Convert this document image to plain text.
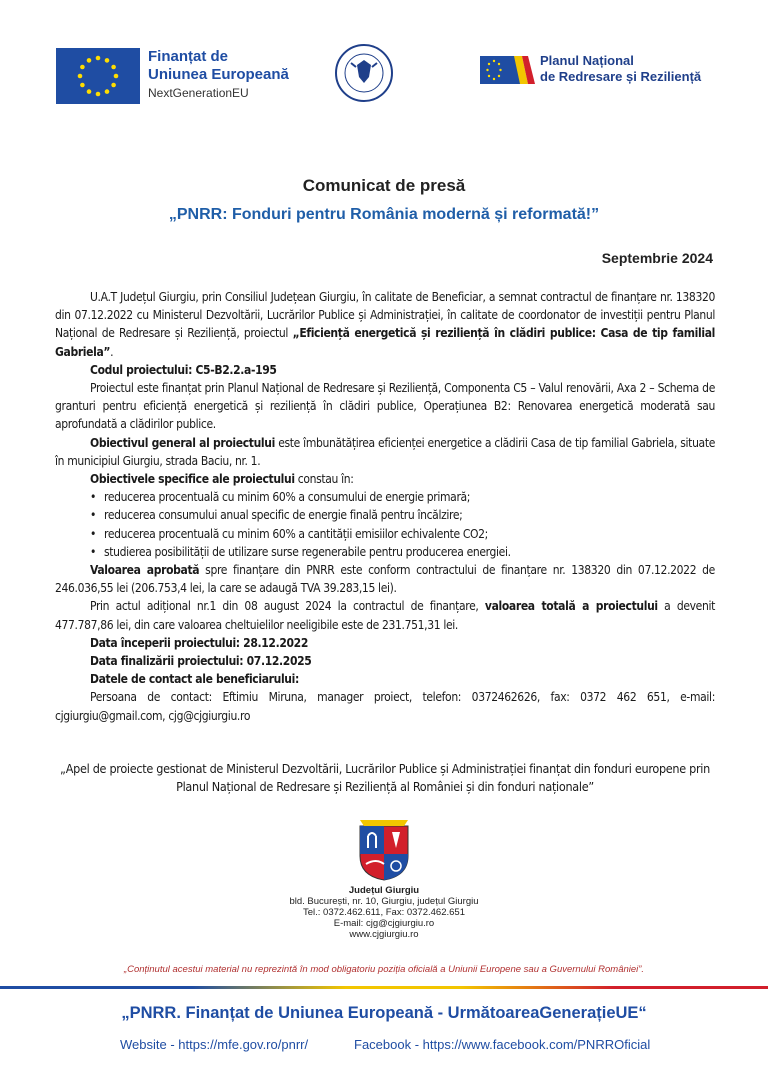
Finanțat de
Uniunea Europeană
NextGenerationEU
Planul Național
de Redresare și Reziliență
Comunicat de presă
„PNRR: Fonduri pentru România modernă și reformată!”
Septembrie 2024

U.A.T Județul Giurgiu, prin Consiliul Județean Giurgiu, în calitate de Beneficiar, a semnat contractul de finanțare nr. 138320 din 07.12.2022 cu Ministerul Dezvoltării, Lucrărilor Publice și Administrației, în calitate de coordonator de investiții pentru Planul Național de Redresare și Reziliență, proiectul „Eficiență energetică și reziliență în clădiri publice: Casa de tip familial Gabriela”.

Codul proiectului: C5-B2.2.a-195

Proiectul este finanțat prin Planul Național de Redresare și Reziliență, Componenta C5 – Valul renovării, Axa 2 – Schema de granturi pentru eficiență energetică și reziliență în clădiri publice, Operațiunea B2: Renovarea energetică moderată sau aprofundată a clădirilor publice.

Obiectivul general al proiectului este îmbunătățirea eficienței energetice a clădirii Casa de tip familial Gabriela, situate în municipiul Giurgiu, strada Baciu, nr. 1.

Obiectivele specifice ale proiectului constau în:

• reducerea procentuală cu minim 60% a consumului de energie primară;

• reducerea consumului anual specific de energie finală pentru încălzire;

• reducerea procentuală cu minim 60% a cantității emisiilor echivalente CO2;

• studierea posibilității de utilizare surse regenerabile pentru producerea energiei.

Valoarea aprobată spre finanțare din PNRR este conform contractului de finanțare nr. 138320 din 07.12.2022 de 246.036,55 lei (206.753,4 lei, la care se adaugă TVA 39.283,15 lei).

Prin actul adițional nr.1 din 08 august 2024 la contractul de finanțare, valoarea totală a proiectului a devenit 477.787,86 lei, din care valoarea cheltuielilor neeligibile este de 231.751,31 lei.

Data începerii proiectului: 28.12.2022

Data finalizării proiectului: 07.12.2025

Datele de contact ale beneficiarului:

Persoana de contact: Eftimiu Miruna, manager proiect, telefon: 0372462626, fax: 0372 462 651, e-mail: cjgiurgiu@gmail.com, cjg@cjgiurgiu.ro

„Apel de proiecte gestionat de Ministerul Dezvoltării, Lucrărilor Publice și Administrației finanțat din fonduri europene prin Planul Național de Redresare și Reziliență al României și din fonduri naționale”
Județul Giurgiu
bld. București, nr. 10, Giurgiu, județul Giurgiu
Tel.: 0372.462.611, Fax: 0372.462.651
E-mail: cjg@cjgiurgiu.ro
www.cjgiurgiu.ro
„Conținutul acestui material nu reprezintă în mod obligatoriu poziția oficială a Uniunii Europene sau a Guvernului României”.
„PNRR. Finanțat de Uniunea Europeană - UrmătoareaGenerațieUE“
Website - https://mfe.gov.ro/pnrr/	Facebook - https://www.facebook.com/PNRROficial
